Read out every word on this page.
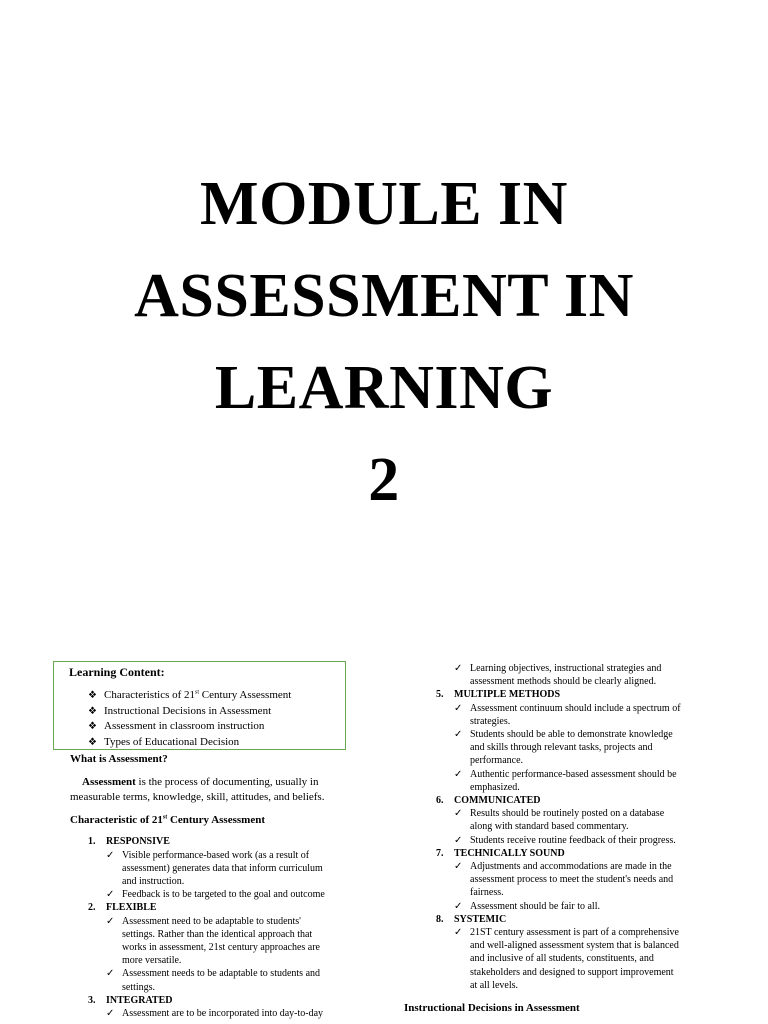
MODULE IN
ASSESSMENT IN
LEARNING
2
Learning Content:
❖ Characteristics of 21st Century Assessment
❖ Instructional Decisions in Assessment
❖ Assessment in classroom instruction
❖ Types of Educational Decision
What is Assessment?
Assessment is the process of documenting, usually in
measurable terms, knowledge, skill, attitudes, and beliefs.
Characteristic of 21st Century Assessment
1. RESPONSIVE
✓ Visible performance-based work (as a result of
assessment) generates data that inform curriculum
and instruction.
✓ Feedback is to be targeted to the goal and outcome
2. FLEXIBLE
✓ Assessment need to be adaptable to students'
settings. Rather than the identical approach that
works in assessment, 21st century approaches are
more versatile.
✓ Assessment needs to be adaptable to students and
settings.
3. INTEGRATED
✓ Assessment are to be incorporated into day-to-day
✓ Learning objectives, instructional strategies and
assessment methods should be clearly aligned.
5. MULTIPLE METHODS
✓ Assessment continuum should include a spectrum of
strategies.
✓ Students should be able to demonstrate knowledge
and skills through relevant tasks, projects and
performance.
✓ Authentic performance-based assessment should be
emphasized.
6. COMMUNICATED
✓ Results should be routinely posted on a database
along with standard based commentary.
✓ Students receive routine feedback of their progress.
7. TECHNICALLY SOUND
✓ Adjustments and accommodations are made in the
assessment process to meet the student's needs and
fairness.
✓ Assessment should be fair to all.
8. SYSTEMIC
✓ 21ST century assessment is part of a comprehensive
and well-aligned assessment system that is balanced
and inclusive of all students, constituents, and
stakeholders and designed to support improvement
at all levels.
Instructional Decisions in Assessment
